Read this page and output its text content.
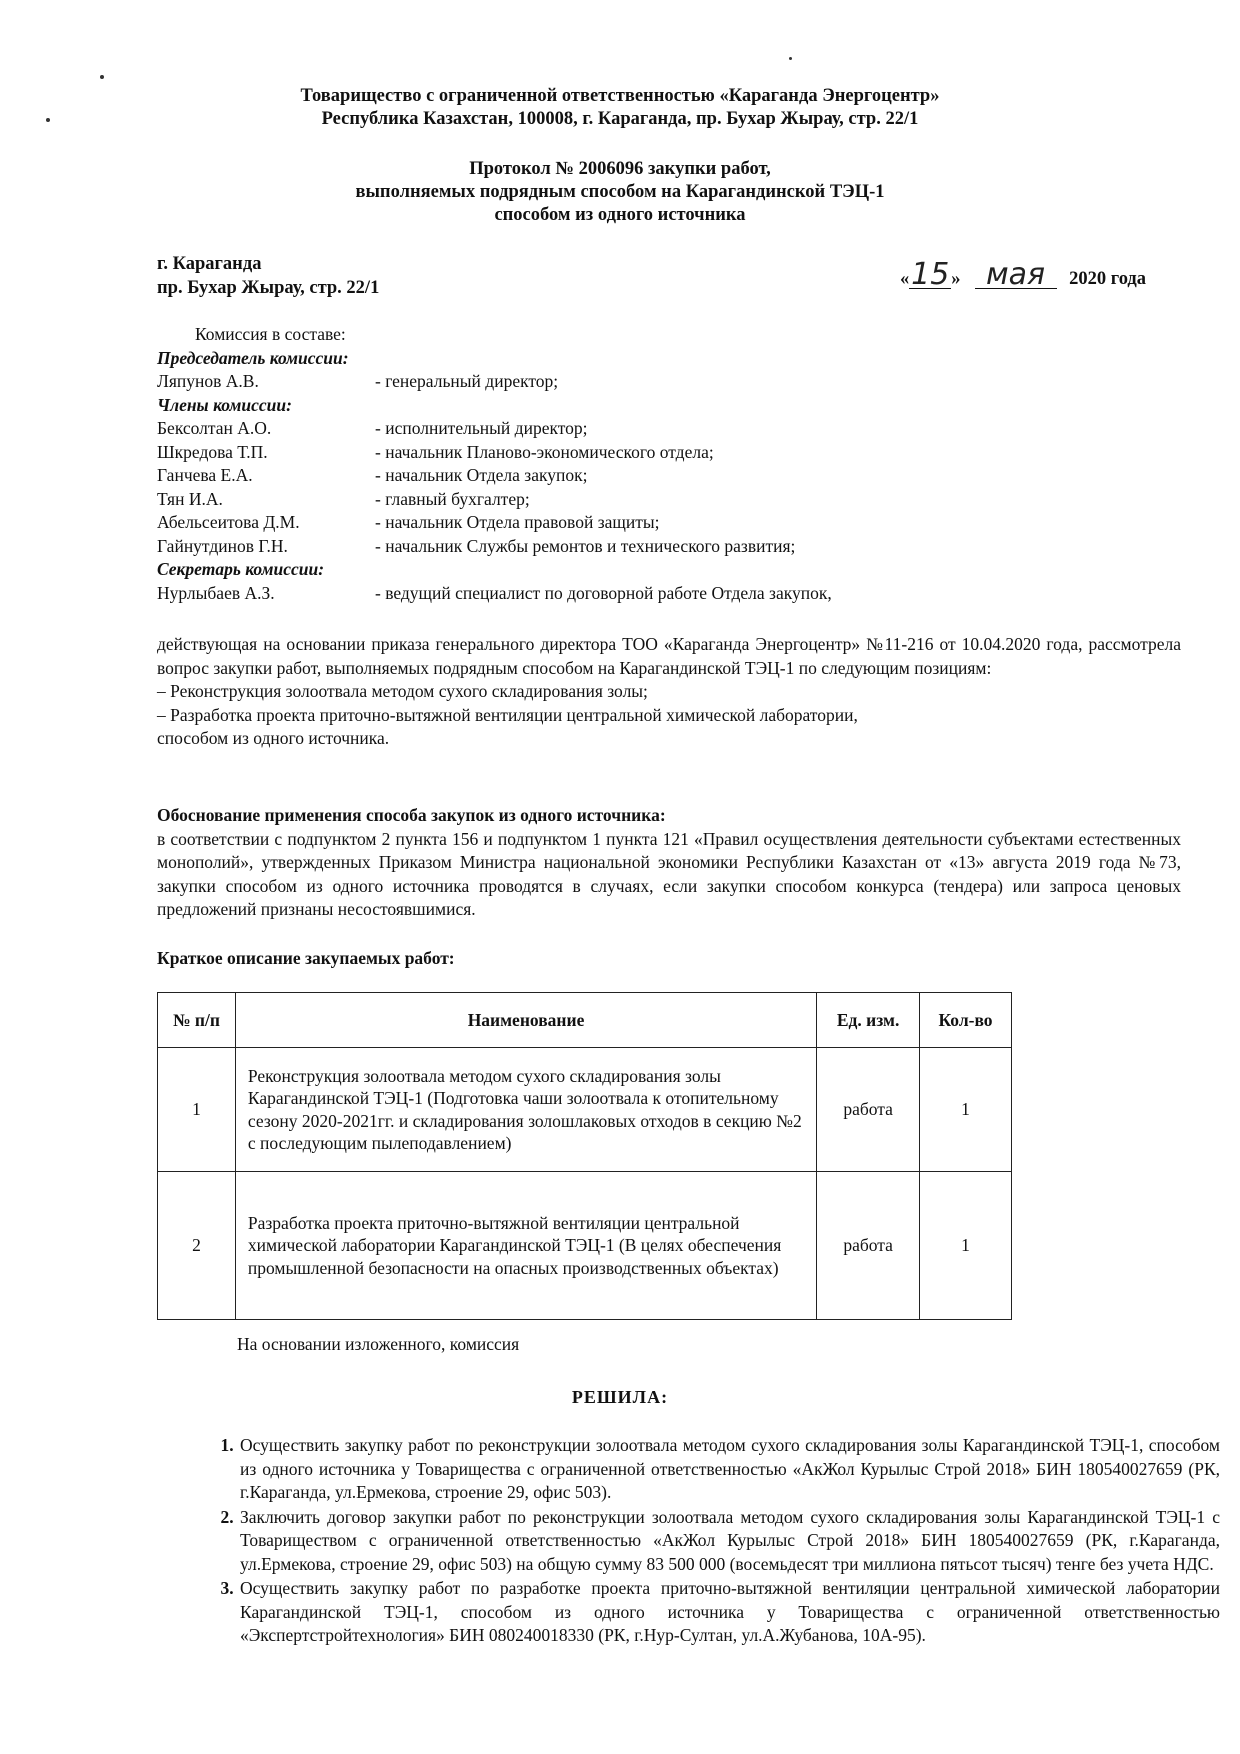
Товарищество с ограниченной ответственностью «Караганда Энергоцентр»
Республика Казахстан, 100008, г. Караганда, пр. Бухар Жырау, стр. 22/1
Протокол № 2006096 закупки работ,
выполняемых подрядным способом на Карагандинской ТЭЦ-1
способом из одного источника
г. Караганда
пр. Бухар Жырау, стр. 22/1	«15 » мая 2020 года
Комиссия в составе:
Председатель комиссии:
Ляпунов А.В.	- генеральный директор;
Члены комиссии:
Бексолтан А.О.	- исполнительный директор;
Шкредова Т.П.	- начальник Планово-экономического отдела;
Ганчева Е.А.	- начальник Отдела закупок;
Тян И.А.	- главный бухгалтер;
Абельсеитова Д.М.	- начальник Отдела правовой защиты;
Гайнутдинов Г.Н.	- начальник Службы ремонтов и технического развития;
Секретарь комиссии:
Нурлыбаев А.З.	- ведущий специалист по договорной работе Отдела закупок,

действующая на основании приказа генерального директора ТОО «Караганда Энергоцентр» №11-216 от 10.04.2020 года, рассмотрела вопрос закупки работ, выполняемых подрядным способом на Карагандинской ТЭЦ-1 по следующим позициям:

– Реконструкция золоотвала методом сухого складирования золы;

– Разработка проекта приточно-вытяжной вентиляции центральной химической лаборатории,

способом из одного источника.

Обоснование применения способа закупок из одного источника:

в соответствии с подпунктом 2 пункта 156 и подпунктом 1 пункта 121 «Правил осуществления деятельности субъектами естественных монополий», утвержденных Приказом Министра национальной экономики Республики Казахстан от «13» августа 2019 года №73, закупки способом из одного источника проводятся в случаях, если закупки способом конкурса (тендера) или запроса ценовых предложений признаны несостоявшимися.

Краткое описание закупаемых работ:
№ п/п	Наименование	Ед. изм.	Кол-во
1	Реконструкция золоотвала методом сухого складирования золы Карагандинской ТЭЦ-1 (Подготовка чаши золоотвала к отопительному сезону 2020-2021гг. и складирования золошлаковых отходов в секцию №2 с последующим пылеподавлением)	работа	1
2	Разработка проекта приточно-вытяжной вентиляции центральной химической лаборатории Карагандинской ТЭЦ-1 (В целях обеспечения промышленной безопасности на опасных производственных объектах)	работа	1
На основании изложенного, комиссия
РЕШИЛА:
1. Осуществить закупку работ по реконструкции золоотвала методом сухого складирования золы Карагандинской ТЭЦ-1, способом из одного источника у Товарищества с ограниченной ответственностью «АкЖол Курылыс Строй 2018» БИН 180540027659 (РК, г.Караганда, ул.Ермекова, строение 29, офис 503).
2. Заключить договор закупки работ по реконструкции золоотвала методом сухого складирования золы Карагандинской ТЭЦ-1 с Товариществом с ограниченной ответственностью «АкЖол Курылыс Строй 2018» БИН 180540027659 (РК, г.Караганда, ул.Ермекова, строение 29, офис 503) на общую сумму 83 500 000 (восемьдесят три миллиона пятьсот тысяч) тенге без учета НДС.
3. Осуществить закупку работ по разработке проекта приточно-вытяжной вентиляции центральной химической лаборатории Карагандинской ТЭЦ-1, способом из одного источника у Товарищества с ограниченной ответственностью «Экспертстройтехнология» БИН 080240018330 (РК, г.Нур-Султан, ул.А.Жубанова, 10А-95).
